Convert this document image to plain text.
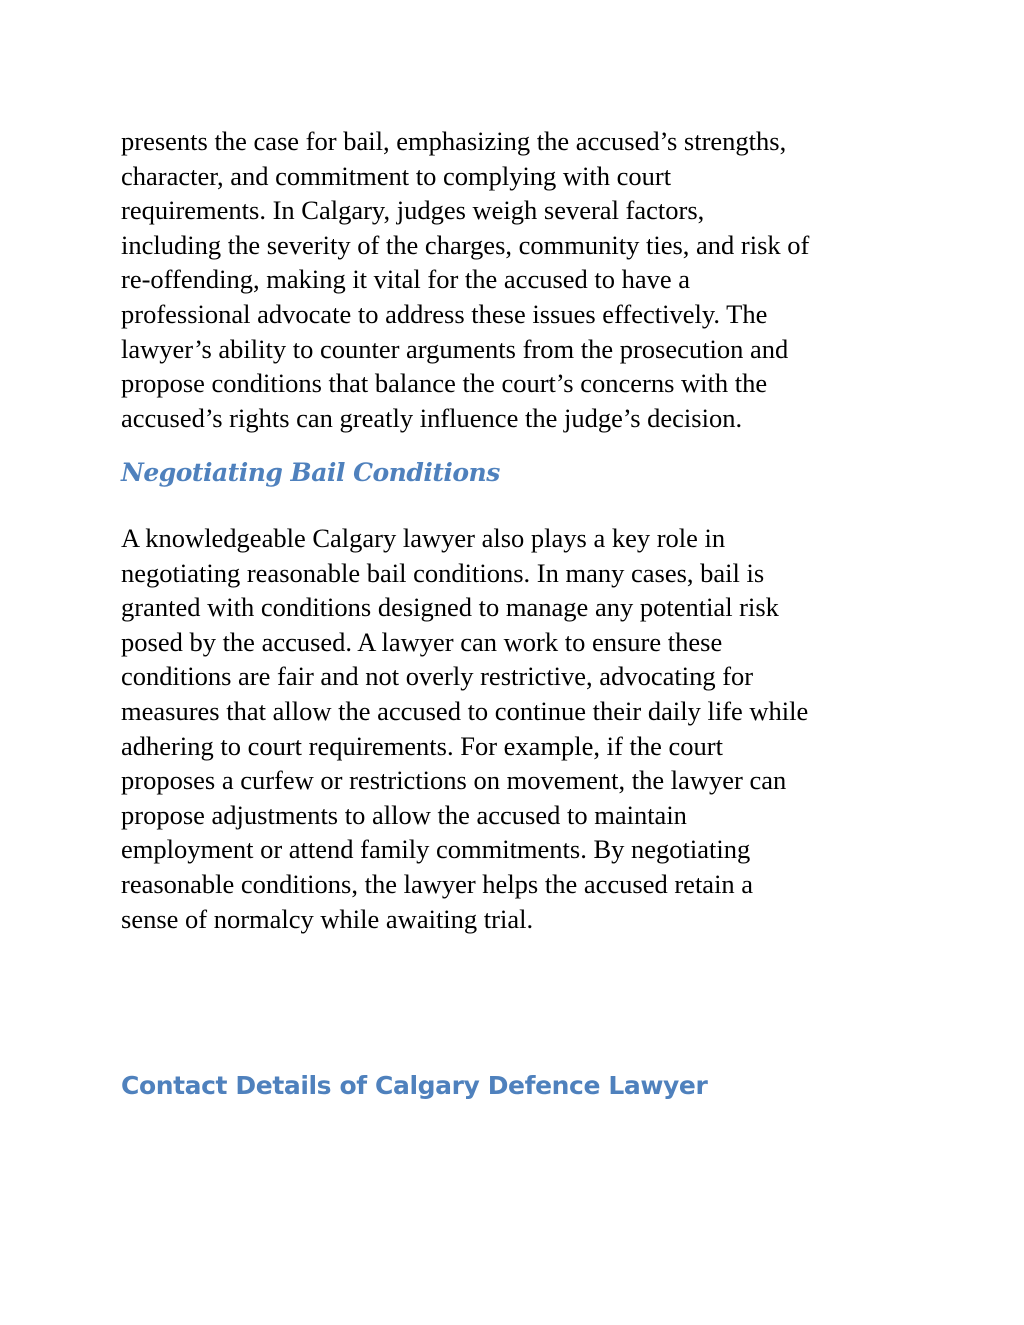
presents the case for bail, emphasizing the accused’s strengths,
character, and commitment to complying with court
requirements. In Calgary, judges weigh several factors,
including the severity of the charges, community ties, and risk of
re-offending, making it vital for the accused to have a
professional advocate to address these issues effectively. The
lawyer’s ability to counter arguments from the prosecution and
propose conditions that balance the court’s concerns with the
accused’s rights can greatly influence the judge’s decision.

Negotiating Bail Conditions

A knowledgeable Calgary lawyer also plays a key role in
negotiating reasonable bail conditions. In many cases, bail is
granted with conditions designed to manage any potential risk
posed by the accused. A lawyer can work to ensure these
conditions are fair and not overly restrictive, advocating for
measures that allow the accused to continue their daily life while
adhering to court requirements. For example, if the court
proposes a curfew or restrictions on movement, the lawyer can
propose adjustments to allow the accused to maintain
employment or attend family commitments. By negotiating
reasonable conditions, the lawyer helps the accused retain a
sense of normalcy while awaiting trial.

Contact Details of Calgary Defence Lawyer
